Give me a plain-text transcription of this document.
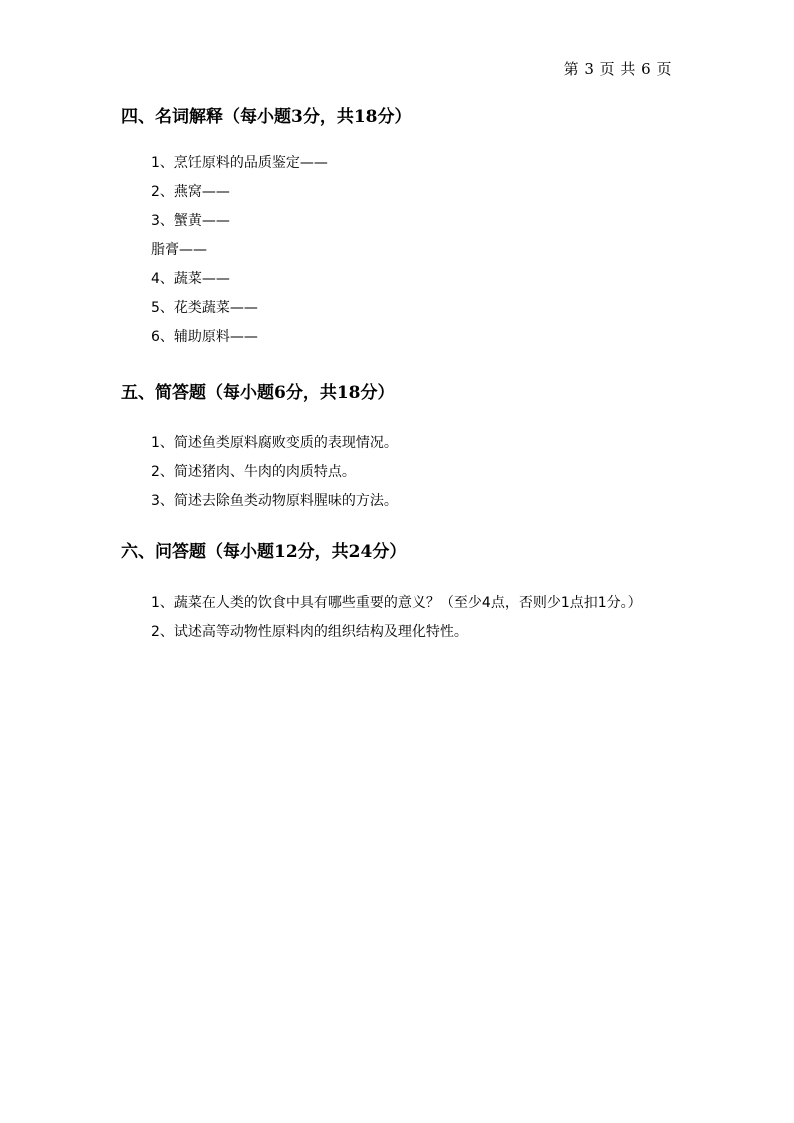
第 3 页 共 6 页
四、名词解释（每小题3分，共18分）
1、烹饪原料的品质鉴定——
2、燕窝——
3、蟹黄——
脂膏——
4、蔬菜——
5、花类蔬菜——
6、辅助原料——
五、简答题（每小题6分，共18分）
1、简述鱼类原料腐败变质的表现情况。
2、简述猪肉、牛肉的肉质特点。
3、简述去除鱼类动物原料腥味的方法。
六、问答题（每小题12分，共24分）
1、蔬菜在人类的饮食中具有哪些重要的意义？（至少4点，否则少1点扣1分。）
2、试述高等动物性原料肉的组织结构及理化特性。
